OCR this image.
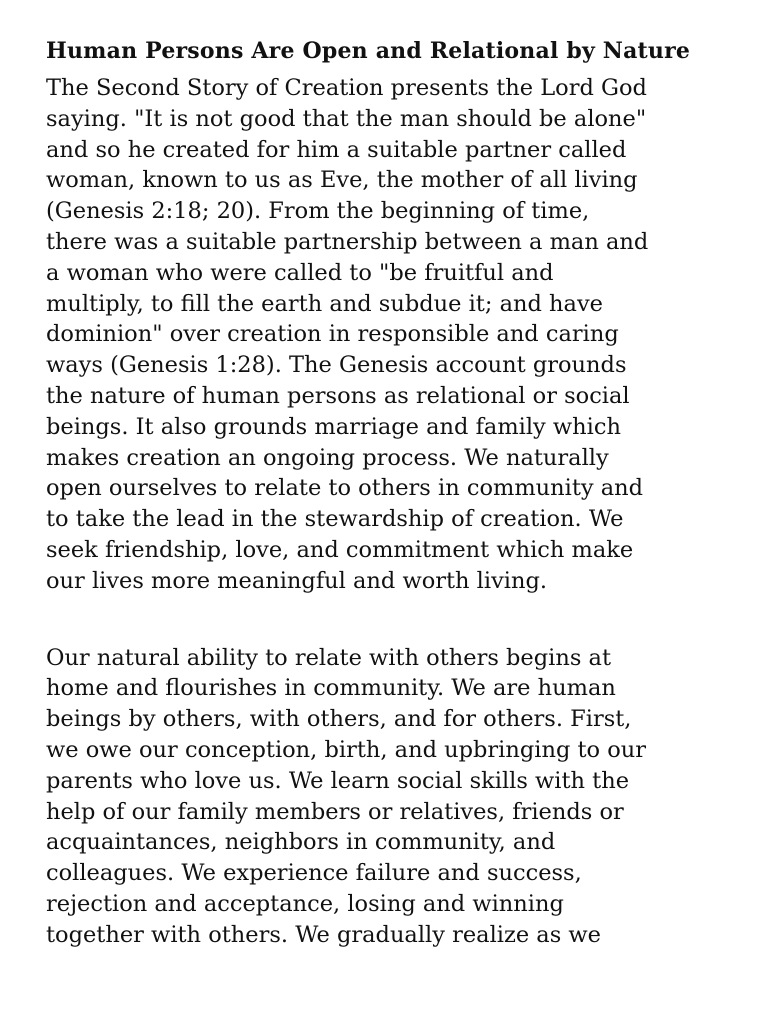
Human Persons Are Open and Relational by Nature

The Second Story of Creation presents the Lord God
saying. "It is not good that the man should be alone"
and so he created for him a suitable partner called
woman, known to us as Eve, the mother of all living
(Genesis 2:18; 20). From the beginning of time,
there was a suitable partnership between a man and
a woman who were called to "be fruitful and
multiply, to fill the earth and subdue it; and have
dominion" over creation in responsible and caring
ways (Genesis 1:28). The Genesis account grounds
the nature of human persons as relational or social
beings. It also grounds marriage and family which
makes creation an ongoing process. We naturally
open ourselves to relate to others in community and
to take the lead in the stewardship of creation. We
seek friendship, love, and commitment which make
our lives more meaningful and worth living.

Our natural ability to relate with others begins at
home and flourishes in community. We are human
beings by others, with others, and for others. First,
we owe our conception, birth, and upbringing to our
parents who love us. We learn social skills with the
help of our family members or relatives, friends or
acquaintances, neighbors in community, and
colleagues. We experience failure and success,
rejection and acceptance, losing and winning
together with others. We gradually realize as we
